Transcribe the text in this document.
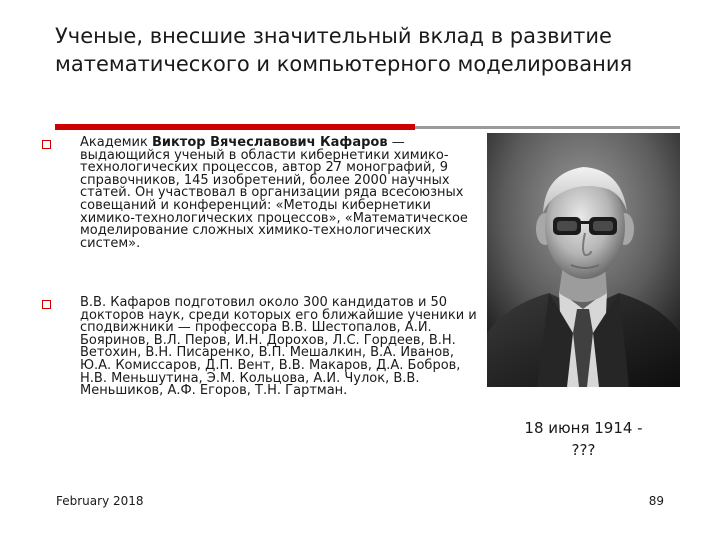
Ученые, внесшие значительный вклад в развитие математического и компьютерного моделирования

Академик Виктор Вячеславович Кафаров — выдающийся ученый в области кибернетики химико-технологических процессов, автор 27 монографий, 9 справочников, 145 изобретений, более 2000 научных статей. Он участвовал в организации ряда всесоюзных совещаний и конференций: «Методы кибернетики химико-технологических процессов», «Математическое моделирование сложных химико-технологических систем».

В.В. Кафаров подготовил около 300 кандидатов и 50 докторов наук, среди которых его ближайшие ученики и сподвижники — профессора В.В. Шестопалов, А.И. Бояринов, В.Л. Перов, И.Н. Дорохов, Л.С. Гордеев, В.Н. Ветохин, В.Н. Писаренко, В.П. Мешалкин, В.А. Иванов, Ю.А. Комиссаров, Д.П. Вент, В.В. Макаров, Д.А. Бобров, Н.В. Меньшутина, Э.М. Кольцова, А.И. Чулок, В.В. Меньшиков, А.Ф. Егоров, Т.Н. Гартман.

18 июня 1914 -
???
February 2018	89
